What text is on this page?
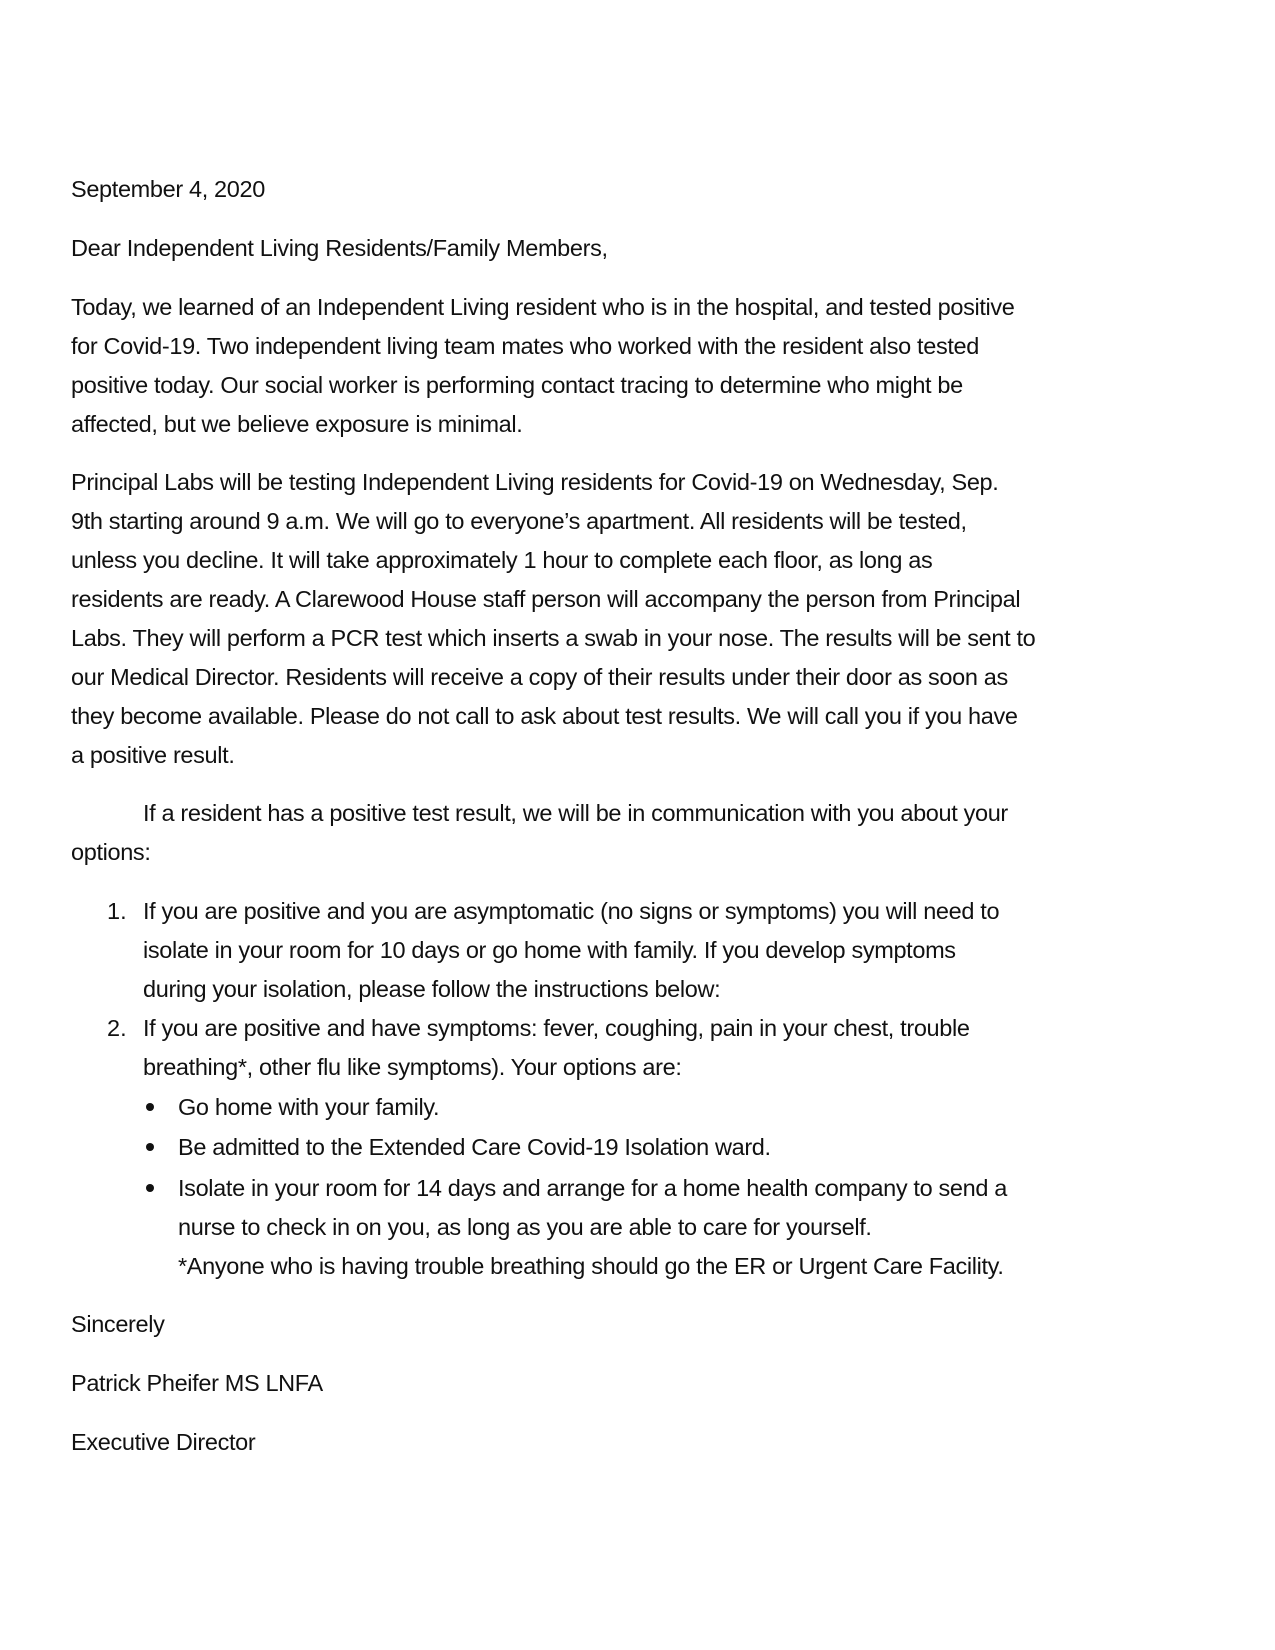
September 4, 2020
Dear Independent Living Residents/Family Members,
Today, we learned of an Independent Living resident who is in the hospital, and tested positive
for Covid-19. Two independent living team mates who worked with the resident also tested
positive today. Our social worker is performing contact tracing to determine who might be
affected, but we believe exposure is minimal.
Principal Labs will be testing Independent Living residents for Covid-19 on Wednesday, Sep.
9th starting around 9 a.m. We will go to everyone’s apartment. All residents will be tested,
unless you decline. It will take approximately 1 hour to complete each floor, as long as
residents are ready. A Clarewood House staff person will accompany the person from Principal
Labs. They will perform a PCR test which inserts a swab in your nose. The results will be sent to
our Medical Director. Residents will receive a copy of their results under their door as soon as
they become available. Please do not call to ask about test results. We will call you if you have
a positive result.
If a resident has a positive test result, we will be in communication with you about your
options:
1. If you are positive and you are asymptomatic (no signs or symptoms) you will need to
isolate in your room for 10 days or go home with family. If you develop symptoms
during your isolation, please follow the instructions below:
2. If you are positive and have symptoms: fever, coughing, pain in your chest, trouble
breathing*, other flu like symptoms). Your options are:
Go home with your family.
Be admitted to the Extended Care Covid-19 Isolation ward.
Isolate in your room for 14 days and arrange for a home health company to send a
nurse to check in on you, as long as you are able to care for yourself.
*Anyone who is having trouble breathing should go the ER or Urgent Care Facility.
Sincerely
Patrick Pheifer MS LNFA
Executive Director
